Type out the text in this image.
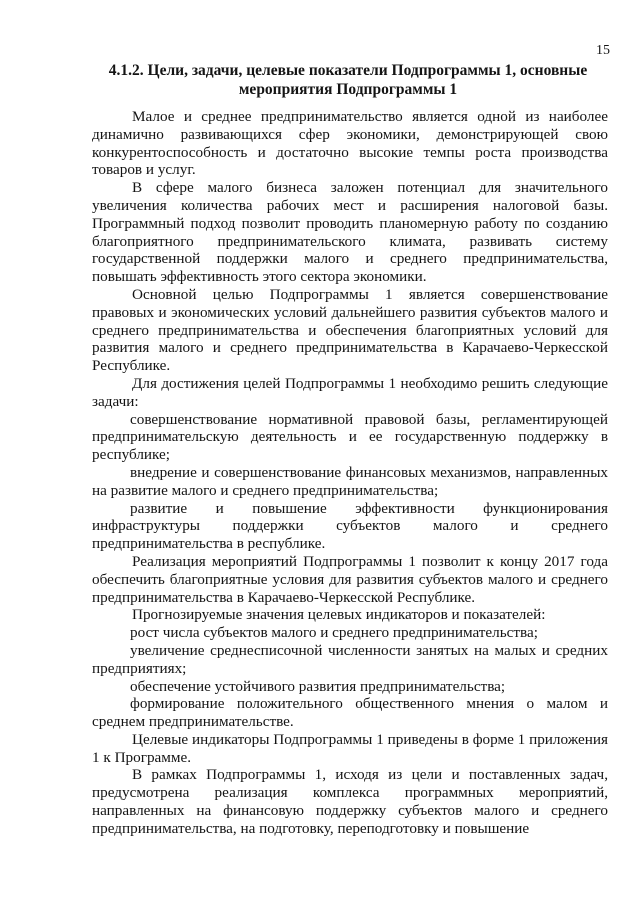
15
4.1.2. Цели, задачи, целевые показатели Подпрограммы 1, основные мероприятия Подпрограммы 1

Малое и среднее предпринимательство является одной из наиболее динамично развивающихся сфер экономики, демонстрирующей свою конкурентоспособность и достаточно высокие темпы роста производства товаров и услуг.

В сфере малого бизнеса заложен потенциал для значительного увеличения количества рабочих мест и расширения налоговой базы. Программный подход позволит проводить планомерную работу по созданию благоприятного предпринимательского климата, развивать систему государственной поддержки малого и среднего предпринимательства, повышать эффективность этого сектора экономики.

Основной целью Подпрограммы 1 является совершенствование правовых и экономических условий дальнейшего развития субъектов малого и среднего предпринимательства и обеспечения благоприятных условий для развития малого и среднего предпринимательства в Карачаево-Черкесской Республике.

Для достижения целей Подпрограммы 1 необходимо решить следующие задачи:

совершенствование нормативной правовой базы, регламентирующей предпринимательскую деятельность и ее государственную поддержку в республике;

внедрение и совершенствование финансовых механизмов, направленных на развитие малого и среднего предпринимательства;

развитие и повышение эффективности функционирования инфраструктуры поддержки субъектов малого и среднего предпринимательства в республике.

Реализация мероприятий Подпрограммы 1 позволит к концу 2017 года обеспечить благоприятные условия для развития субъектов малого и среднего предпринимательства в Карачаево-Черкесской Республике.

Прогнозируемые значения целевых индикаторов и показателей:

рост числа субъектов малого и среднего предпринимательства;

увеличение среднесписочной численности занятых на малых и средних предприятиях;

обеспечение устойчивого развития предпринимательства;

формирование положительного общественного мнения о малом и среднем предпринимательстве.

Целевые индикаторы Подпрограммы 1 приведены в форме 1 приложения 1 к Программе.

В рамках Подпрограммы 1, исходя из цели и поставленных задач, предусмотрена реализация комплекса программных мероприятий, направленных на финансовую поддержку субъектов малого и среднего предпринимательства, на подготовку, переподготовку и повышение
